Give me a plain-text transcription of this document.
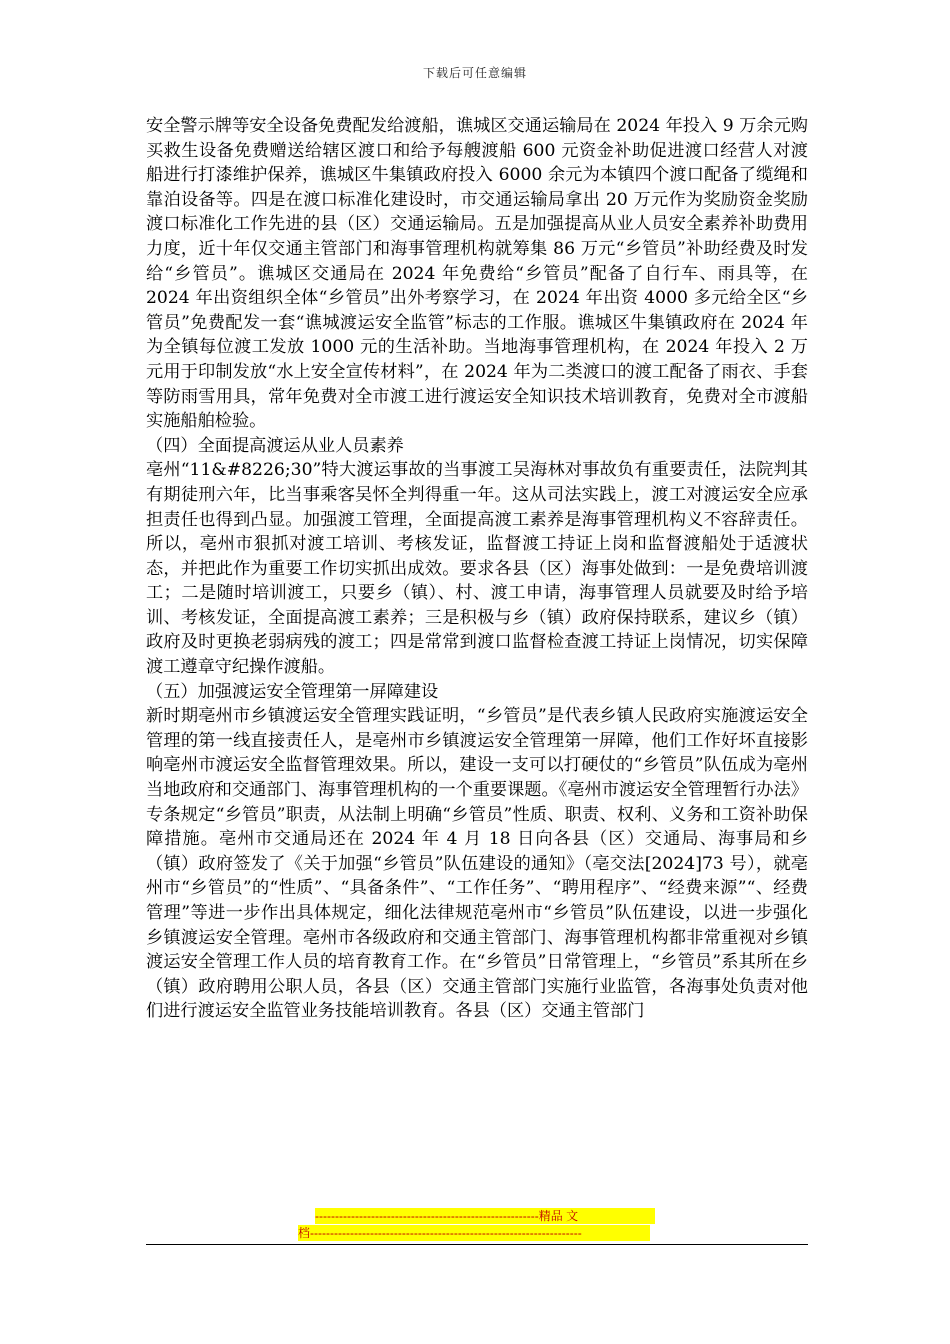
下载后可任意编辑

安全警示牌等安全设备免费配发给渡船，谯城区交通运输局在 2024 年投入 9 万余元购买救生设备免费赠送给辖区渡口和给予每艘渡船 600 元资金补助促进渡口经营人对渡船进行打漆维护保养，谯城区牛集镇政府投入 6000 余元为本镇四个渡口配备了缆绳和靠泊设备等。四是在渡口标准化建设时，市交通运输局拿出 20 万元作为奖励资金奖励渡口标准化工作先进的县（区）交通运输局。五是加强提高从业人员安全素养补助费用力度，近十年仅交通主管部门和海事管理机构就筹集 86 万元“乡管员”补助经费及时发给“乡管员”。谯城区交通局在 2024 年免费给“乡管员”配备了自行车、雨具等，在 2024 年出资组织全体“乡管员”出外考察学习，在 2024 年出资 4000 多元给全区“乡管员”免费配发一套“谯城渡运安全监管”标志的工作服。谯城区牛集镇政府在 2024 年为全镇每位渡工发放 1000 元的生活补助。当地海事管理机构，在 2024 年投入 2 万元用于印制发放“水上安全宣传材料”，在 2024 年为二类渡口的渡工配备了雨衣、手套等防雨雪用具，常年免费对全市渡工进行渡运安全知识技术培训教育，免费对全市渡船实施船舶检验。

（四）全面提高渡运从业人员素养

亳州“11&#8226;30”特大渡运事故的当事渡工吴海林对事故负有重要责任，法院判其有期徒刑六年，比当事乘客吴怀全判得重一年。这从司法实践上，渡工对渡运安全应承担责任也得到凸显。加强渡工管理，全面提高渡工素养是海事管理机构义不容辞责任。所以，亳州市狠抓对渡工培训、考核发证，监督渡工持证上岗和监督渡船处于适渡状态，并把此作为重要工作切实抓出成效。要求各县（区）海事处做到：一是免费培训渡工；二是随时培训渡工，只要乡（镇）、村、渡工申请，海事管理人员就要及时给予培训、考核发证，全面提高渡工素养；三是积极与乡（镇）政府保持联系，建议乡（镇）政府及时更换老弱病残的渡工；四是常常到渡口监督检查渡工持证上岗情况，切实保障渡工遵章守纪操作渡船。

（五）加强渡运安全管理第一屏障建设

新时期亳州市乡镇渡运安全管理实践证明，“乡管员”是代表乡镇人民政府实施渡运安全管理的第一线直接责任人，是亳州市乡镇渡运安全管理第一屏障，他们工作好坏直接影响亳州市渡运安全监督管理效果。所以，建设一支可以打硬仗的“乡管员”队伍成为亳州当地政府和交通部门、海事管理机构的一个重要课题。《亳州市渡运安全管理暂行办法》专条规定“乡管员”职责，从法制上明确“乡管员”性质、职责、权利、义务和工资补助保障措施。亳州市交通局还在 2024 年 4 月 18 日向各县（区）交通局、海事局和乡（镇）政府签发了《关于加强“乡管员”队伍建设的通知》（亳交法[2024]73 号），就亳州市“乡管员”的“性质”、“具备条件”、“工作任务”、“聘用程序”、“经费来源”“、经费管理”等进一步作出具体规定，细化法律规范亳州市“乡管员”队伍建设，以进一步强化乡镇渡运安全管理。亳州市各级政府和交通主管部门、海事管理机构都非常重视对乡镇渡运安全管理工作人员的培育教育工作。在“乡管员”日常管理上，“乡管员”系其所在乡（镇）政府聘用公职人员，各县（区）交通主管部门实施行业监管，各海事处负责对他们进行渡运安全监管业务技能培训教育。各县（区）交通主管部门

--------------------------------------------------------精品 文
档--------------------------------------------------------------------
